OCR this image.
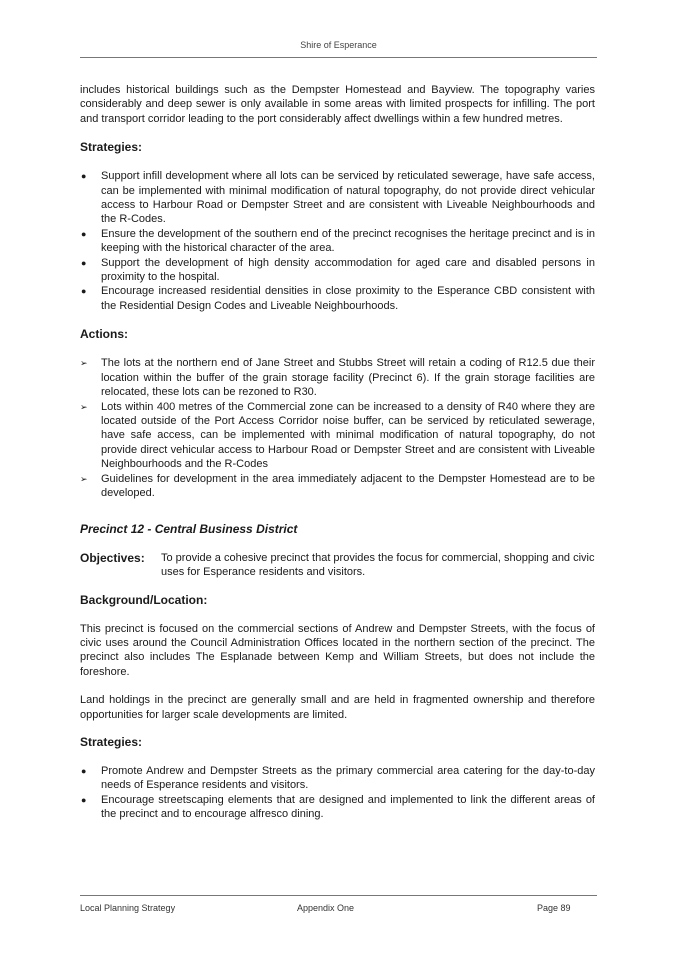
Shire of Esperance

includes historical buildings such as the Dempster Homestead and Bayview. The topography varies considerably and deep sewer is only available in some areas with limited prospects for infilling. The port and transport corridor leading to the port considerably affect dwellings within a few hundred metres.

Strategies:
● Support infill development where all lots can be serviced by reticulated sewerage, have safe access, can be implemented with minimal modification of natural topography, do not provide direct vehicular access to Harbour Road or Dempster Street and are consistent with Liveable Neighbourhoods and the R-Codes.
● Ensure the development of the southern end of the precinct recognises the heritage precinct and is in keeping with the historical character of the area.
● Support the development of high density accommodation for aged care and disabled persons in proximity to the hospital.
● Encourage increased residential densities in close proximity to the Esperance CBD consistent with the Residential Design Codes and Liveable Neighbourhoods.
Actions:
➢ The lots at the northern end of Jane Street and Stubbs Street will retain a coding of R12.5 due their location within the buffer of the grain storage facility (Precinct 6). If the grain storage facilities are relocated, these lots can be rezoned to R30.
➢ Lots within 400 metres of the Commercial zone can be increased to a density of R40 where they are located outside of the Port Access Corridor noise buffer, can be serviced by reticulated sewerage, have safe access, can be implemented with minimal modification of natural topography, do not provide direct vehicular access to Harbour Road or Dempster Street and are consistent with Liveable Neighbourhoods and the R-Codes
➢ Guidelines for development in the area immediately adjacent to the Dempster Homestead are to be developed.
Precinct 12 - Central Business District
Objectives:	To provide a cohesive precinct that provides the focus for commercial, shopping and civic uses for Esperance residents and visitors.
Background/Location:

This precinct is focused on the commercial sections of Andrew and Dempster Streets, with the focus of civic uses around the Council Administration Offices located in the northern section of the precinct. The precinct also includes The Esplanade between Kemp and William Streets, but does not include the foreshore.

Land holdings in the precinct are generally small and are held in fragmented ownership and therefore opportunities for larger scale developments are limited.

Strategies:
● Promote Andrew and Dempster Streets as the primary commercial area catering for the day-to-day needs of Esperance residents and visitors.
● Encourage streetscaping elements that are designed and implemented to link the different areas of the precinct and to encourage alfresco dining.
Local Planning Strategy	Appendix One	Page 89
